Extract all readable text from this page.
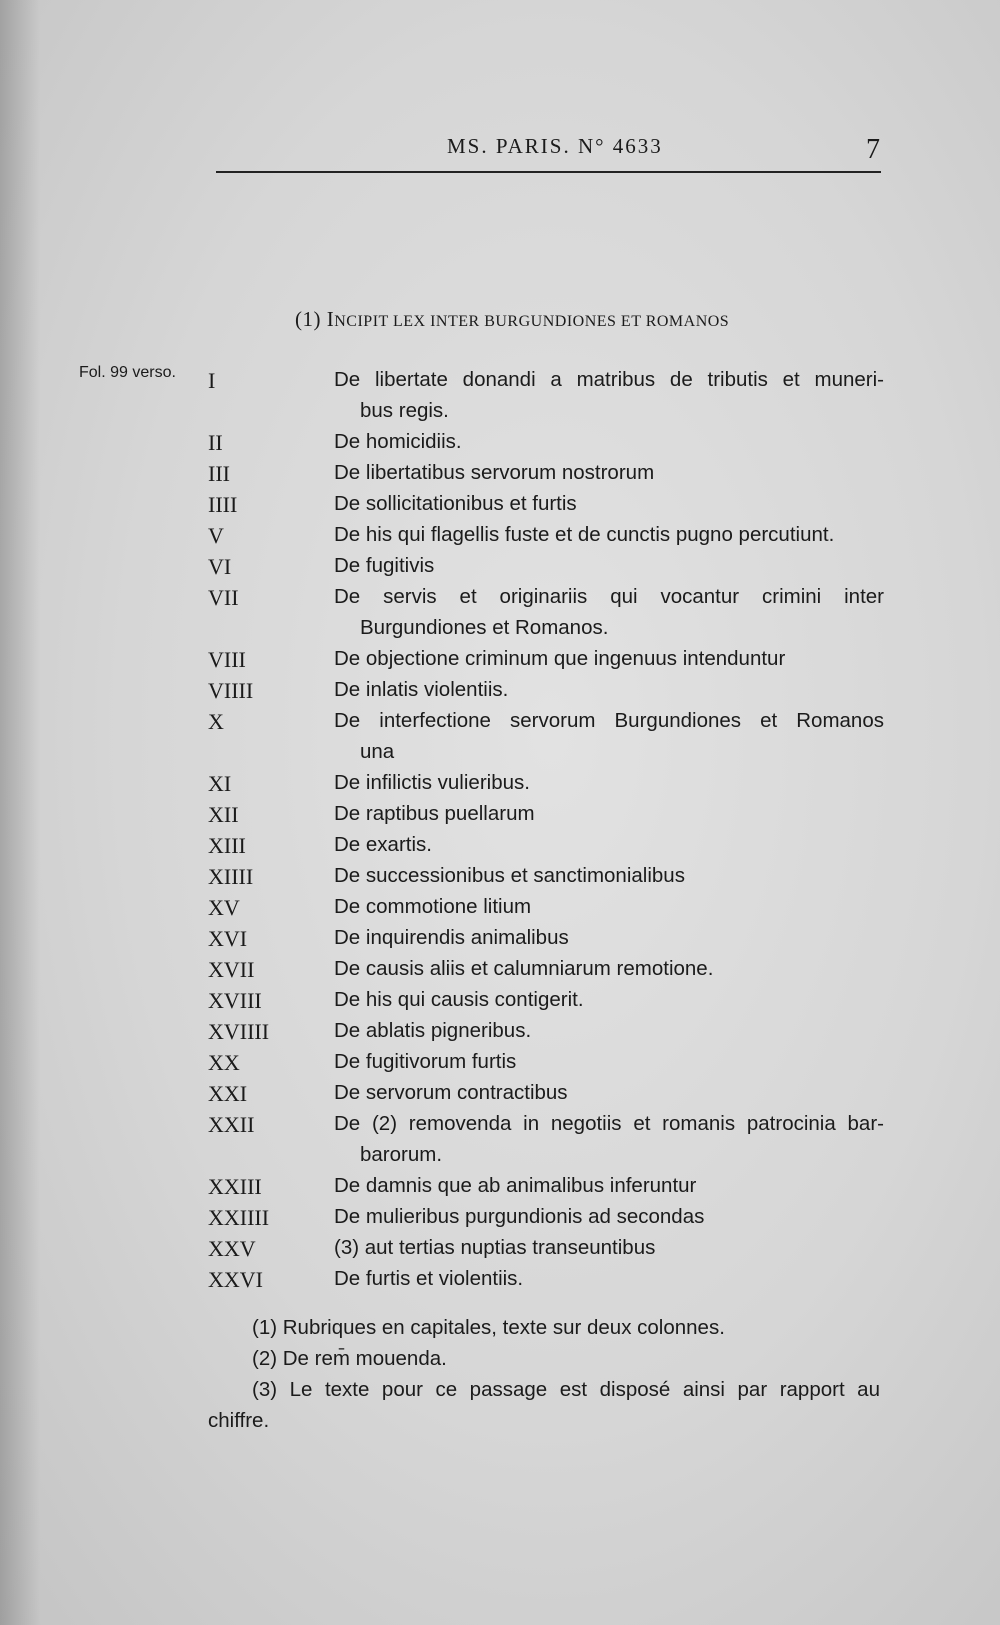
MS. PARIS. N° 4633	7
(1) INCIPIT LEX INTER BURGUNDIONES ET ROMANOS
Fol. 99 verso. I	De libertate donandi a matribus de tributis et muneri-
bus regis.
II	De homicidiis.
III	De libertatibus servorum nostrorum
IIII	De sollicitationibus et furtis
V	De his qui flagellis fuste et de cunctis pugno percutiunt.
VI	De fugitivis
VII	De servis et originariis qui vocantur crimini inter
Burgundiones et Romanos.
VIII	De objectione criminum que ingenuus intenduntur
VIIII	De inlatis violentiis.
X	De interfectione servorum Burgundiones et Romanos
una
XI	De infilictis vulieribus.
XII	De raptibus puellarum
XIII	De exartis.
XIIII	De successionibus et sanctimonialibus
XV	De commotione litium
XVI	De inquirendis animalibus
XVII	De causis aliis et calumniarum remotione.
XVIII	De his qui causis contigerit.
XVIIII	De ablatis pigneribus.
XX	De fugitivorum furtis
XXI	De servorum contractibus
XXII	De (2) removenda in negotiis et romanis patrocinia bar-
barorum.
XXIII	De damnis que ab animalibus inferuntur
XXIIII	De mulieribus purgundionis ad secondas
XXV	(3) aut tertias nuptias transeuntibus
XXVI	De furtis et violentiis.
(1) Rubriques en capitales, texte sur deux colonnes.
(2) De rem̄ mouenda.
(3) Le texte pour ce passage est disposé ainsi par rapport au
chiffre.
